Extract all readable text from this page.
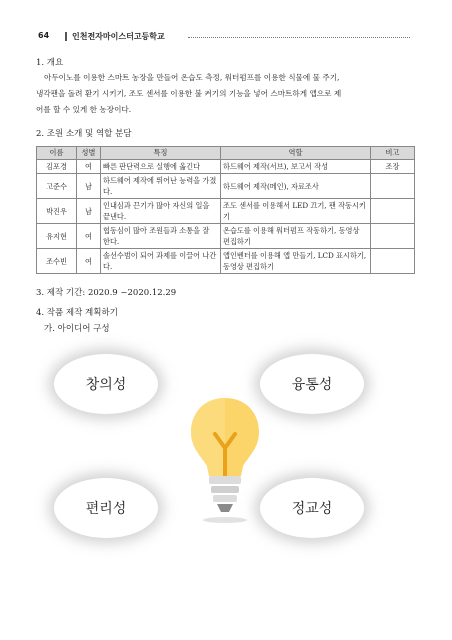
64	인천전자마이스터고등학교
1. 개요
아두이노를 이용한 스마트 농장을 만들어 온습도 측정, 워터펌프를 이용한 식물에 물 주기,
냉각팬을 돌려 환기 시키기, 조도 센서를 이용한 불 켜기의 기능을 넣어 스마트하게 앱으로 제
어를 할 수 있게 한 농장이다.
2. 조원 소개 및 역할 분담
이름	성별	특징	역할	비고
김포경	여	빠른 판단력으로 실행에 옮긴다	하드웨어 제작(서브), 보고서 작성	조장
고준수	남	하드웨어 제작에 뛰어난 능력을 가졌다.	하드웨어 제작(메인), 자료조사	
박진우	남	인내심과 끈기가 많아 자신의 일을 끝낸다.	조도 센서를 이용해서 LED 끄기, 팬 작동시키기	
유지현	여	협동심이 많아 조원들과 소통을 잘 한다.	온습도를 이용해 워터펌프 작동하기, 동영상 편집하기	
조수빈	여	솔선수범이 되어 과제를 이끌어 나간다.	앱인벤터를 이용해 앱 만들기, LCD 표시하기, 동영상 편집하기	
3. 제작 기간: 2020.9 ~2020.12.29
4. 작품 제작 계획하기
가. 아이디어 구성
창의성	융통성
편리성	정교성
